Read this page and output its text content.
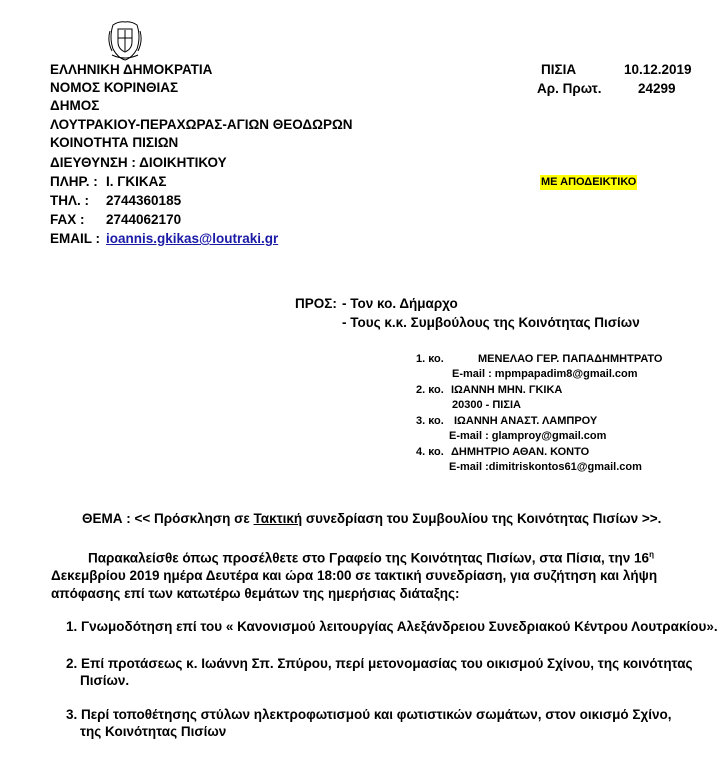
ΕΛΛΗΝΙΚΗ ΔΗΜΟΚΡΑΤΙΑ
ΝΟΜΟΣ ΚΟΡΙΝΘΙΑΣ
ΔΗΜΟΣ
ΛΟΥΤΡΑΚΙΟΥ-ΠΕΡΑΧΩΡΑΣ-ΑΓΙΩΝ ΘΕΟΔΩΡΩΝ
ΚΟΙΝΟΤΗΤΑ ΠΙΣΙΩΝ
ΔΙΕΥΘΥΝΣΗ : ΔΙΟΙΚΗΤΙΚΟΥ
ΠΛΗΡ. : Ι. ΓΚΙΚΑΣ
ΤΗΛ. : 2744360185
FAX : 2744062170
EMAIL : ioannis.gkikas@loutraki.gr
ΠΙΣΙΑ	10.12.2019
Αρ. Πρωτ.	24299
ΜΕ ΑΠΟΔΕΙΚΤΙΚΟ
ΠΡΟΣ: - Τον κο. Δήμαρχο
- Τους κ.κ. Συμβούλους της Κοινότητας Πισίων
1. κο.	ΜΕΝΕΛΑΟ ΓΕΡ. ΠΑΠΑΔΗΜΗΤΡΑΤΟ
E-mail : mpmpapadim8@gmail.com
2. κο. ΙΩΑΝΝΗ ΜΗΝ. ΓΚΙΚΑ
20300 - ΠΙΣΙΑ
3. κο. ΙΩΑΝΝΗ ΑΝΑΣΤ. ΛΑΜΠΡΟΥ
E-mail : glamproy@gmail.com
4. κο. ΔΗΜΗΤΡΙΟ ΑΘΑΝ. ΚΟΝΤΟ
E-mail :dimitriskontos61@gmail.com
ΘΕΜΑ : << Πρόσκληση σε Τακτική συνεδρίαση του Συμβουλίου της Κοινότητας Πισίων >>.
Παρακαλείσθε όπως προσέλθετε στο Γραφείο της Κοινότητας Πισίων, στα Πίσια, την $16^\eta$
Δεκεμβρίου 2019 ημέρα Δευτέρα και ώρα 18:00 σε τακτική συνεδρίαση, για συζήτηση και λήψη
απόφασης επί των κατωτέρω θεμάτων της ημερήσιας διάταξης:
1. Γνωμοδότηση επί του « Κανονισμού λειτουργίας Αλεξάνδρειου Συνεδριακού Κέντρου Λουτρακίου».
2. Επί προτάσεως κ. Ιωάννη Σπ. Σπύρου, περί μετονομασίας του οικισμού Σχίνου, της κοινότητας
Πισίων.
3. Περί τοποθέτησης στύλων ηλεκτροφωτισμού και φωτιστικών σωμάτων, στον οικισμό Σχίνο,
της Κοινότητας Πισίων
